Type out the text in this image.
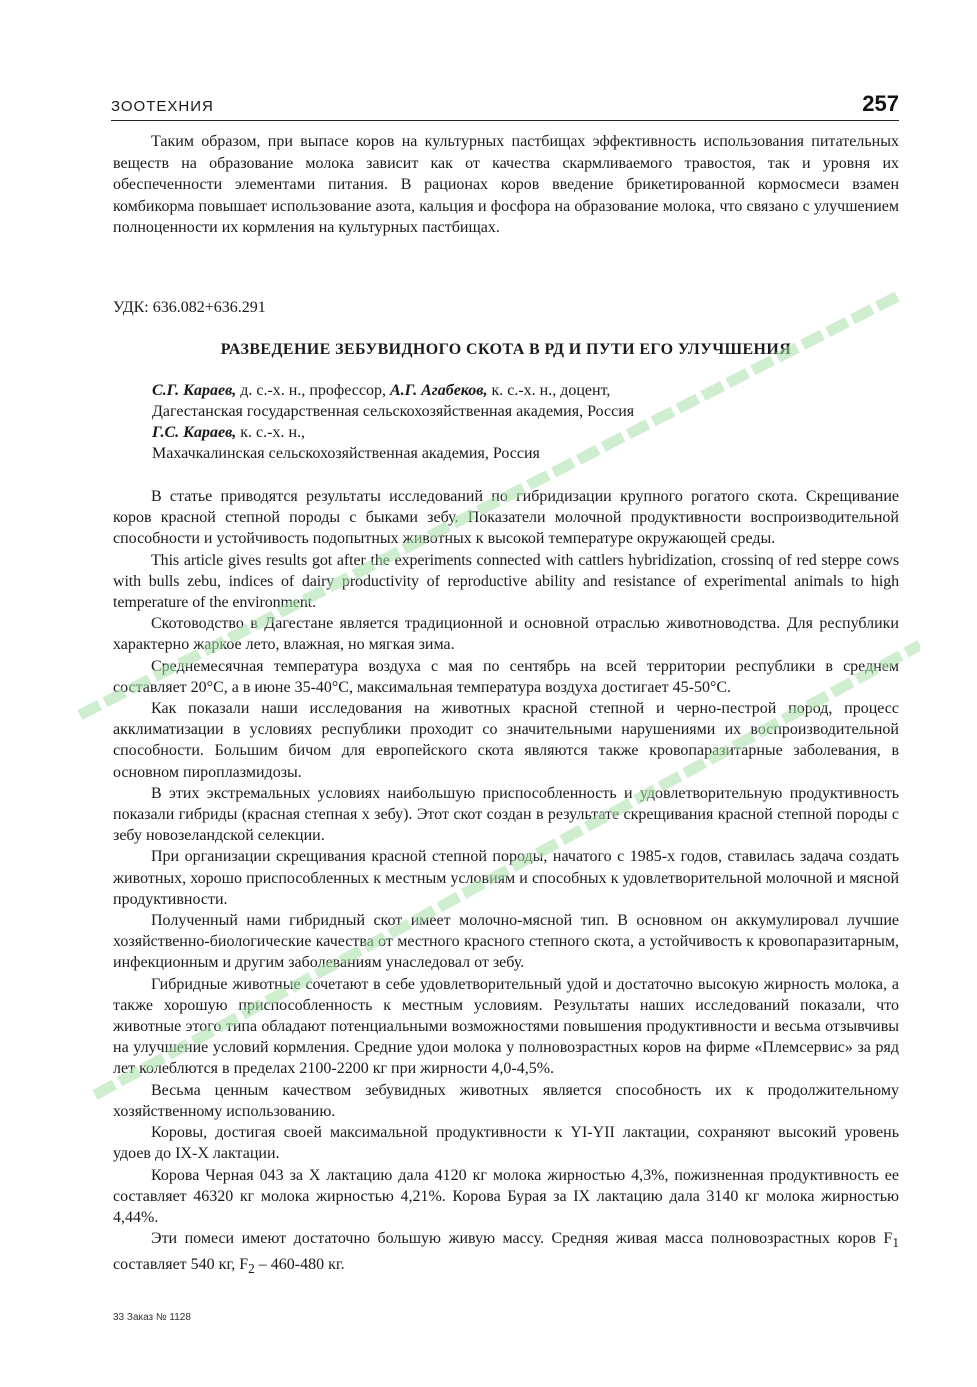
ЗООТЕХНИЯ	257

Таким образом, при выпасе коров на культурных пастбищах эффективность использования питательных веществ на образование молока зависит как от качества скармливаемого травостоя, так и уровня их обеспеченности элементами питания. В рационах коров введение брикетированной кормосмеси взамен комбикорма повышает использование азота, кальция и фосфора на образование молока, что связано с улучшением полноценности их кормления на культурных пастбищах.

УДК: 636.082+636.291

РАЗВЕДЕНИЕ ЗЕБУВИДНОГО СКОТА В РД И ПУТИ ЕГО УЛУЧШЕНИЯ
С.Г. Караев, д. с.-х. н., профессор, А.Г. Агабеков, к. с.-х. н., доцент,
Дагестанская государственная сельскохозяйственная академия, Россия
Г.С. Караев, к. с.-х. н.,
Махачкалинская сельскохозяйственная академия, Россия

В статье приводятся результаты исследований по гибридизации крупного рогатого скота. Скрещивание коров красной степной породы с быками зебу. Показатели молочной продуктивности воспроизводительной способности и устойчивость подопытных животных к высокой температуре окружающей среды.

This article gives results got after the experiments connected with cattlers hybridization, crossinq of red steppe cows with bulls zebu, indices of dairy productivity of reproductive ability and resistance of experimental animals to high temperature of the environment.

Скотоводство в Дагестане является традиционной и основной отраслью животноводства. Для республики характерно жаркое лето, влажная, но мягкая зима.

Среднемесячная температура воздуха с мая по сентябрь на всей территории республики в среднем составляет 20°С, а в июне 35-40°С, максимальная температура воздуха достигает 45-50°С.

Как показали наши исследования на животных красной степной и черно-пестрой пород, процесс акклиматизации в условиях республики проходит со значительными нарушениями их воспроизводительной способности. Большим бичом для европейского скота являются также кровопаразитарные заболевания, в основном пироплазмидозы.

В этих экстремальных условиях наибольшую приспособленность и удовлетворительную продуктивность показали гибриды (красная степная х зебу). Этот скот создан в результате скрещивания красной степной породы с зебу новозеландской селекции.

При организации скрещивания красной степной породы, начатого с 1985-х годов, ставилась задача создать животных, хорошо приспособленных к местным условиям и способных к удовлетворительной молочной и мясной продуктивности.

Полученный нами гибридный скот имеет молочно-мясной тип. В основном он аккумулировал лучшие хозяйственно-биологические качества от местного красного степного скота, а устойчивость к кровопаразитарным, инфекционным и другим заболеваниям унаследовал от зебу.

Гибридные животные сочетают в себе удовлетворительный удой и достаточно высокую жирность молока, а также хорошую приспособленность к местным условиям. Результаты наших исследований показали, что животные этого типа обладают потенциальными возможностями повышения продуктивности и весьма отзывчивы на улучшение условий кормления. Средние удои молока у полновозрастных коров на фирме «Племсервис» за ряд лет колеблются в пределах 2100-2200 кг при жирности 4,0-4,5%.

Весьма ценным качеством зебувидных животных является способность их к продолжительному хозяйственному использованию.

Коровы, достигая своей максимальной продуктивности к YI-YII лактации, сохраняют высокий уровень удоев до IX-X лактации.

Корова Черная 043 за Х лактацию дала 4120 кг молока жирностью 4,3%, пожизненная продуктивность ее составляет 46320 кг молока жирностью 4,21%. Корова Бурая за IX лактацию дала 3140 кг молока жирностью 4,44%.

Эти помеси имеют достаточно большую живую массу. Средняя живая масса полновозрастных коров $F_1$ составляет 540 кг, $F_2 - 460-480$ кг.

33 Заказ № 1128
